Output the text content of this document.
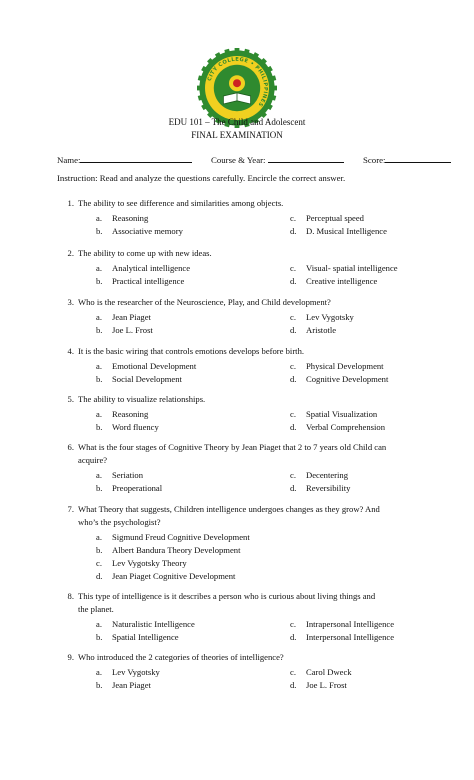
CITY COLLEGE • PHILIPPINES
EDU 101 – The Child and Adolescent
FINAL EXAMINATION
Name:	Course & Year:	Score:
Instruction: Read and analyze the questions carefully. Encircle the correct answer.
1. The ability to see difference and similarities among objects.
a.	Reasoning
b.	Associative memory
c.	Perceptual speed
d.	D. Musical Intelligence
2. The ability to come up with new ideas.
a.	Analytical intelligence
b.	Practical intelligence
c.	Visual- spatial intelligence
d.	Creative intelligence
3. Who is the researcher of the Neuroscience, Play, and Child development?
a.	Jean Piaget
b.	Joe L. Frost
c.	Lev Vygotsky
d.	Aristotle
4. It is the basic wiring that controls emotions develops before birth.
a.	Emotional Development
b.	Social Development
c.	Physical Development
d.	Cognitive Development
5. The ability to visualize relationships.
a.	Reasoning
b.	Word fluency
c.	Spatial Visualization
d.	Verbal Comprehension
6. What is the four stages of Cognitive Theory by Jean Piaget that 2 to 7 years old Child can
acquire?
a.	Seriation
b.	Preoperational
c.	Decentering
d.	Reversibility
7. What Theory that suggests, Children intelligence undergoes changes as they grow? And
who’s the psychologist?
a.	Sigmund Freud Cognitive Development
b.	Albert Bandura Theory Development
c.	Lev Vygotsky Theory
d.	Jean Piaget Cognitive Development
8. This type of intelligence is it describes a person who is curious about living things and
the planet.
a.	Naturalistic Intelligence
b.	Spatial Intelligence
c.	Intrapersonal Intelligence
d.	Interpersonal Intelligence
9. Who introduced the 2 categories of theories of intelligence?
a.	Lev Vygotsky
b.	Jean Piaget
c.	Carol Dweck
d.	Joe L. Frost
